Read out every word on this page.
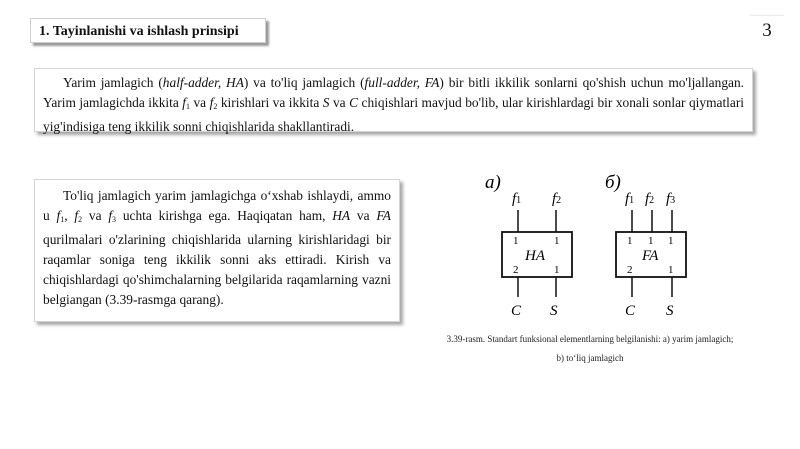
1. Tayinlanishi va ishlash prinsipi	3

Yarim jamlagich (half-adder, HA) va to'liq jamlagich (full-adder, FA) bir bitli ikkilik sonlarni qo'shish uchun mo'ljallangan. Yarim jamlagichda ikkita $f_1$ va $f_2$ kirishlari va ikkita S va C chiqishlari mavjud bo'lib, ular kirishlardagi bir xonali sonlar qiymatlari yig'indisiga teng ikkilik sonni chiqishlarida shakllantiradi.

To'liq jamlagich yarim jamlagichga o‘xshab ishlaydi, ammo u $f_1$, $f_2$ va $f_3$ uchta kirishga ega. Haqiqatan ham, HA va FA qurilmalari o'zlarining chiqishlarida ularning kirishlaridagi bir raqamlar soniga teng ikkilik sonni aks ettiradi. Kirish va chiqishlardagi qo'shimchalarning belgilarida raqamlarning vazni belgiangan (3.39-rasmga qarang).

а)
f1 f2
1	1
HA
2	1
C S
б)
f1 f2 f3
1 1 1
FA
2	1
C S
3.39-rasm. Standart funksional elementlarning belgilanishi: a) yarim jamlagich;
b) to‘liq jamlagich
